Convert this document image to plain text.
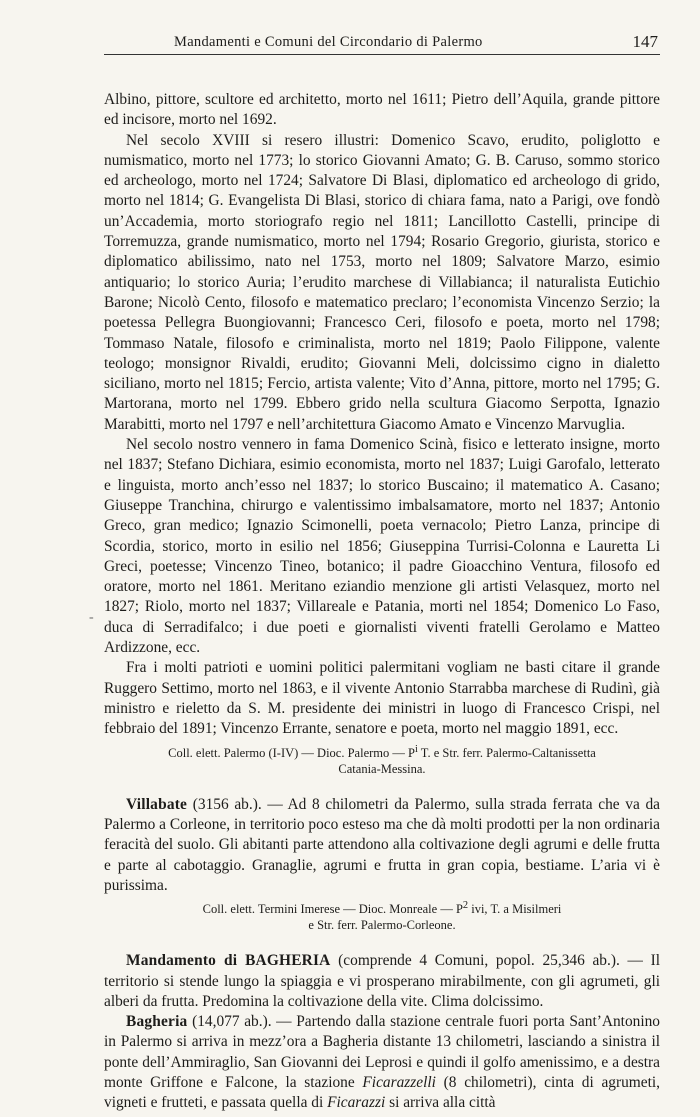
Mandamenti e Comuni del Circondario di Palermo	147
-

Albino, pittore, scultore ed architetto, morto nel 1611; Pietro dell’Aquila, grande pittore ed incisore, morto nel 1692.

Nel secolo XVIII si resero illustri: Domenico Scavo, erudito, poliglotto e numismatico, morto nel 1773; lo storico Giovanni Amato; G. B. Caruso, sommo storico ed archeologo, morto nel 1724; Salvatore Di Blasi, diplomatico ed archeologo di grido, morto nel 1814; G. Evangelista Di Blasi, storico di chiara fama, nato a Parigi, ove fondò un’Accademia, morto storiografo regio nel 1811; Lancillotto Castelli, principe di Torremuzza, grande numismatico, morto nel 1794; Rosario Gregorio, giurista, storico e diplomatico abilissimo, nato nel 1753, morto nel 1809; Salvatore Marzo, esimio antiquario; lo storico Auria; l’erudito marchese di Villabianca; il naturalista Eutichio Barone; Nicolò Cento, filosofo e matematico preclaro; l’economista Vincenzo Serzio; la poetessa Pellegra Buongiovanni; Francesco Ceri, filosofo e poeta, morto nel 1798; Tommaso Natale, filosofo e criminalista, morto nel 1819; Paolo Filippone, valente teologo; monsignor Rivaldi, erudito; Giovanni Meli, dolcissimo cigno in dialetto siciliano, morto nel 1815; Fercio, artista valente; Vito d’Anna, pittore, morto nel 1795; G. Martorana, morto nel 1799. Ebbero grido nella scultura Giacomo Serpotta, Ignazio Marabitti, morto nel 1797 e nell’architettura Giacomo Amato e Vincenzo Marvuglia.

Nel secolo nostro vennero in fama Domenico Scinà, fisico e letterato insigne, morto nel 1837; Stefano Dichiara, esimio economista, morto nel 1837; Luigi Garofalo, letterato e linguista, morto anch’esso nel 1837; lo storico Buscaino; il matematico A. Casano; Giuseppe Tranchina, chirurgo e valentissimo imbalsamatore, morto nel 1837; Antonio Greco, gran medico; Ignazio Scimonelli, poeta vernacolo; Pietro Lanza, principe di Scordia, storico, morto in esilio nel 1856; Giuseppina Turrisi-Colonna e Lauretta Li Greci, poetesse; Vincenzo Tineo, botanico; il padre Gioacchino Ventura, filosofo ed oratore, morto nel 1861. Meritano eziandio menzione gli artisti Velasquez, morto nel 1827; Riolo, morto nel 1837; Villareale e Patania, morti nel 1854; Domenico Lo Faso, duca di Serradifalco; i due poeti e giornalisti viventi fratelli Gerolamo e Matteo Ardizzone, ecc.

Fra i molti patrioti e uomini politici palermitani vogliam ne basti citare il grande Ruggero Settimo, morto nel 1863, e il vivente Antonio Starrabba marchese di Rudinì, già ministro e rieletto da S. M. presidente dei ministri in luogo di Francesco Crispi, nel febbraio del 1891; Vincenzo Errante, senatore e poeta, morto nel maggio 1891, ecc.

Coll. elett. Palermo (I-IV) — Dioc. Palermo — $P^i$ T. e Str. ferr. Palermo-Caltanissetta
Catania-Messina.

Villabate (3156 ab.). — Ad 8 chilometri da Palermo, sulla strada ferrata che va da Palermo a Corleone, in territorio poco esteso ma che dà molti prodotti per la non ordinaria feracità del suolo. Gli abitanti parte attendono alla coltivazione degli agrumi e delle frutta e parte al cabotaggio. Granaglie, agrumi e frutta in gran copia, bestiame. L’aria vi è purissima.

Coll. elett. Termini Imerese — Dioc. Monreale — $P^2$ ivi, T. a Misilmeri
e Str. ferr. Palermo-Corleone.

Mandamento di BAGHERIA (comprende 4 Comuni, popol. 25,346 ab.). — Il territorio si stende lungo la spiaggia e vi prosperano mirabilmente, con gli agrumeti, gli alberi da frutta. Predomina la coltivazione della vite. Clima dolcissimo.

Bagheria (14,077 ab.). — Partendo dalla stazione centrale fuori porta Sant’Antonino in Palermo si arriva in mezz’ora a Bagheria distante 13 chilometri, lasciando a sinistra il ponte dell’Ammiraglio, San Giovanni dei Leprosi e quindi il golfo amenissimo, e a destra monte Griffone e Falcone, la stazione Ficarazzelli (8 chilometri), cinta di agrumeti, vigneti e frutteti, e passata quella di Ficarazzi si arriva alla città
